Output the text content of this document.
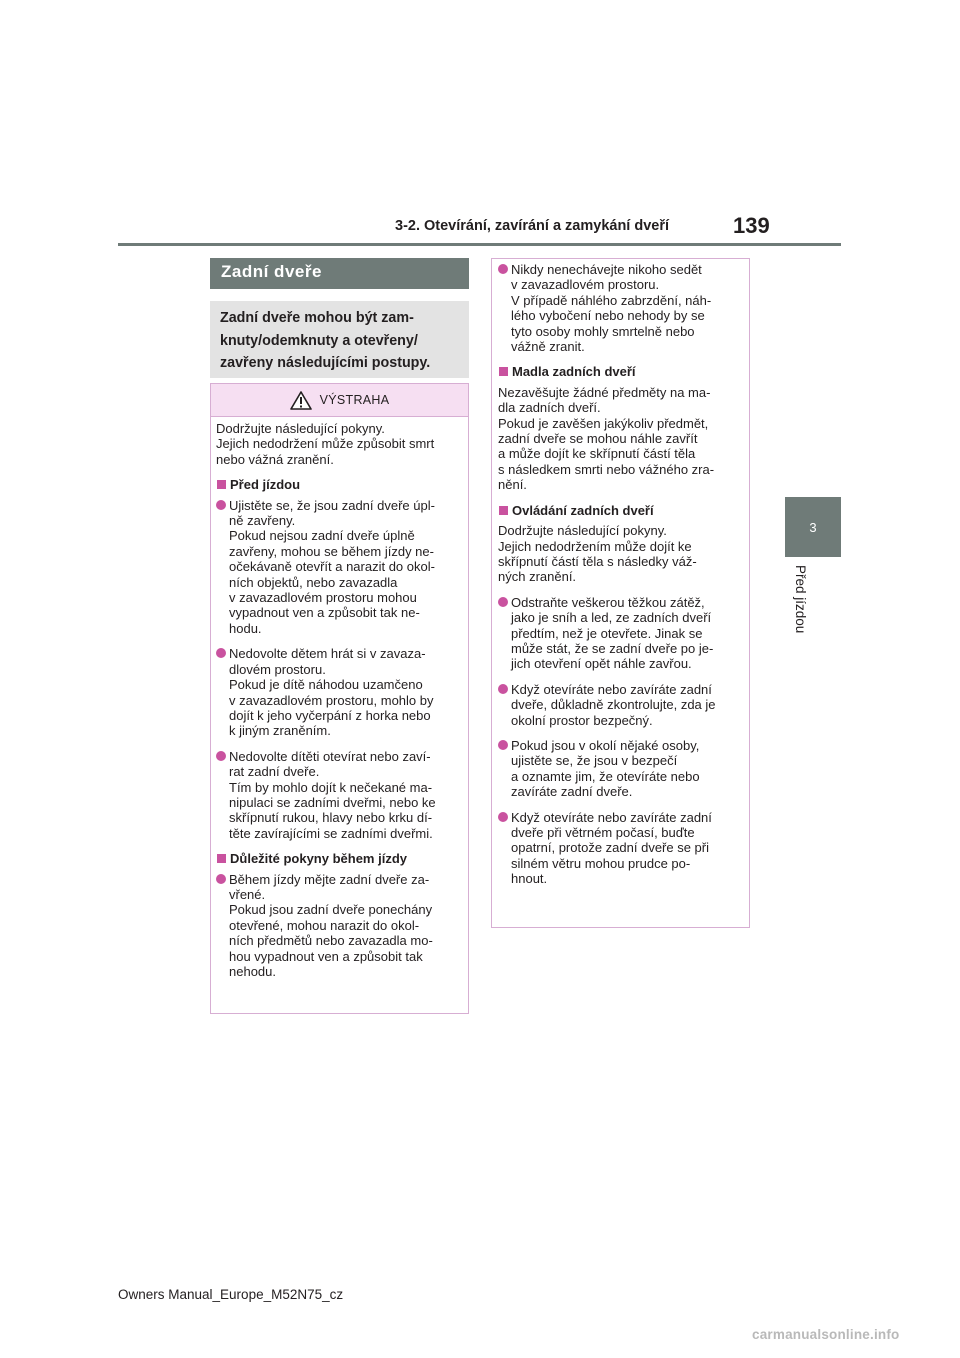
3-2. Otevírání, zavírání a zamykání dveří	139
3
Před jízdou
Zadní dveře
Zadní dveře mohou být zam-
knuty/odemknuty a otevřeny/
zavřeny následujícími postupy.
VÝSTRAHA
Dodržujte následující pokyny.
Jejich nedodržení může způsobit smrt
nebo vážná zranění.
Před jízdou
Ujistěte se, že jsou zadní dveře úpl-
ně zavřeny.
Pokud nejsou zadní dveře úplně
zavřeny, mohou se během jízdy ne-
očekávaně otevřít a narazit do okol-
ních objektů, nebo zavazadla
v zavazadlovém prostoru mohou
vypadnout ven a způsobit tak ne-
hodu.
Nedovolte dětem hrát si v zavaza-
dlovém prostoru.
Pokud je dítě náhodou uzamčeno
v zavazadlovém prostoru, mohlo by
dojít k jeho vyčerpání z horka nebo
k jiným zraněním.
Nedovolte dítěti otevírat nebo zaví-
rat zadní dveře.
Tím by mohlo dojít k nečekané ma-
nipulaci se zadními dveřmi, nebo ke
skřípnutí rukou, hlavy nebo krku dí-
těte zavírajícími se zadními dveřmi.
Důležité pokyny během jízdy
Během jízdy mějte zadní dveře za-
vřené.
Pokud jsou zadní dveře ponechány
otevřené, mohou narazit do okol-
ních předmětů nebo zavazadla mo-
hou vypadnout ven a způsobit tak
nehodu.
Nikdy nenechávejte nikoho sedět
v zavazadlovém prostoru.
V případě náhlého zabrzdění, náh-
lého vybočení nebo nehody by se
tyto osoby mohly smrtelně nebo
vážně zranit.
Madla zadních dveří
Nezavěšujte žádné předměty na ma-
dla zadních dveří.
Pokud je zavěšen jakýkoliv předmět,
zadní dveře se mohou náhle zavřít
a může dojít ke skřípnutí částí těla
s následkem smrti nebo vážného zra-
nění.
Ovládání zadních dveří
Dodržujte následující pokyny.
Jejich nedodržením může dojít ke
skřípnutí částí těla s následky váž-
ných zranění.
Odstraňte veškerou těžkou zátěž,
jako je sníh a led, ze zadních dveří
předtím, než je otevřete. Jinak se
může stát, že se zadní dveře po je-
jich otevření opět náhle zavřou.
Když otevíráte nebo zavíráte zadní
dveře, důkladně zkontrolujte, zda je
okolní prostor bezpečný.
Pokud jsou v okolí nějaké osoby,
ujistěte se, že jsou v bezpečí
a oznamte jim, že otevíráte nebo
zavíráte zadní dveře.
Když otevíráte nebo zavíráte zadní
dveře při větrném počasí, buďte
opatrní, protože zadní dveře se při
silném větru mohou prudce po-
hnout.
Owners Manual_Europe_M52N75_cz
carmanualsonline.info
